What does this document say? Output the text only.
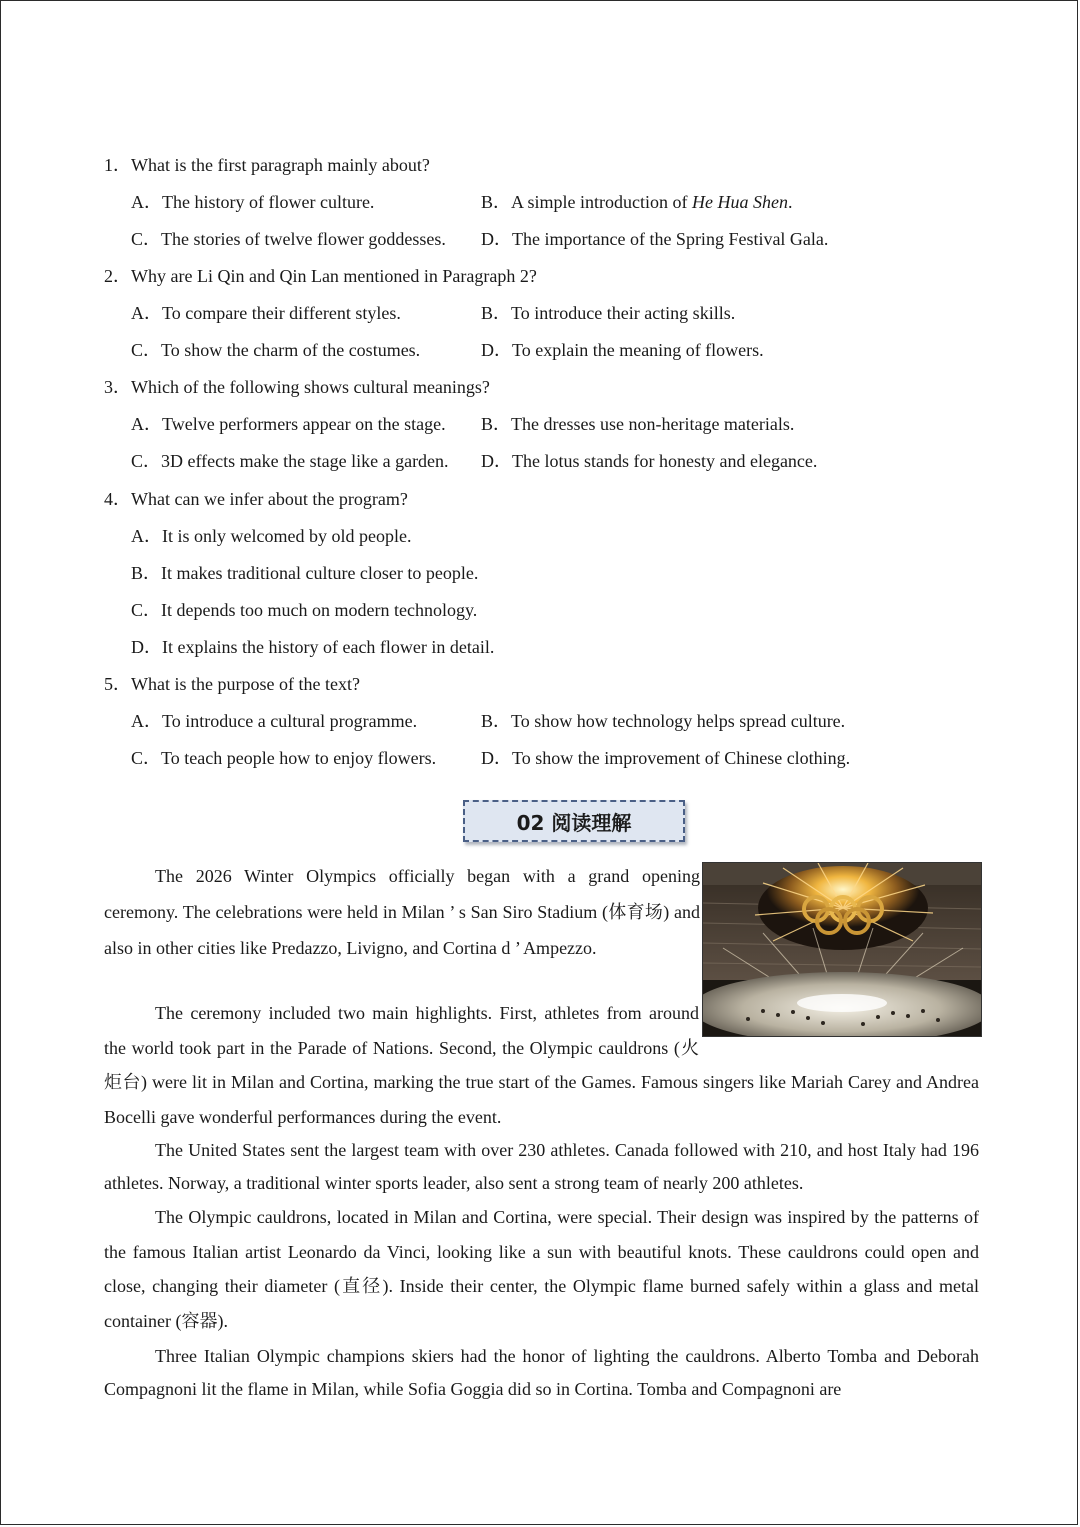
1．What is the first paragraph mainly about?
A．The history of flower culture.	B．A simple introduction of He Hua Shen.
C．The stories of twelve flower goddesses. D．The importance of the Spring Festival Gala.
2．Why are Li Qin and Qin Lan mentioned in Paragraph 2?
A．To compare their different styles.	B．To introduce their acting skills.
C．To show the charm of the costumes.	D．To explain the meaning of flowers.
3．Which of the following shows cultural meanings?
A．Twelve performers appear on the stage. B．The dresses use non-heritage materials.
C．3D effects make the stage like a garden. D．The lotus stands for honesty and elegance.
4．What can we infer about the program?
A．It is only welcomed by old people.
B．It makes traditional culture closer to people.
C．It depends too much on modern technology.
D．It explains the history of each flower in detail.
5．What is the purpose of the text?
A．To introduce a cultural programme.	B．To show how technology helps spread culture.
C．To teach people how to enjoy flowers. D．To show the improvement of Chinese clothing.
02 阅读理解
The 2026 Winter Olympics officially began with a grand opening ceremony. The celebrations were held in Milan ’ s San Siro Stadium (体育场) and also in other cities like Predazzo, Livigno, and Cortina d ’ Ampezzo.
The ceremony included two main highlights. First, athletes from around the world took part in the Parade of Nations. Second, the Olympic cauldrons (火炬台) were lit in Milan and Cortina, marking the true start of the Games. Famous singers like Mariah Carey and Andrea Bocelli gave wonderful performances during the event.
The United States sent the largest team with over 230 athletes. Canada followed with 210, and host Italy had 196 athletes. Norway, a traditional winter sports leader, also sent a strong team of nearly 200 athletes.
The Olympic cauldrons, located in Milan and Cortina, were special. Their design was inspired by the patterns of the famous Italian artist Leonardo da Vinci, looking like a sun with beautiful knots. These cauldrons could open and close, changing their diameter (直径). Inside their center, the Olympic flame burned safely within a glass and metal container (容器).
Three Italian Olympic champions skiers had the honor of lighting the cauldrons. Alberto Tomba and Deborah Compagnoni lit the flame in Milan, while Sofia Goggia did so in Cortina. Tomba and Compagnoni are
